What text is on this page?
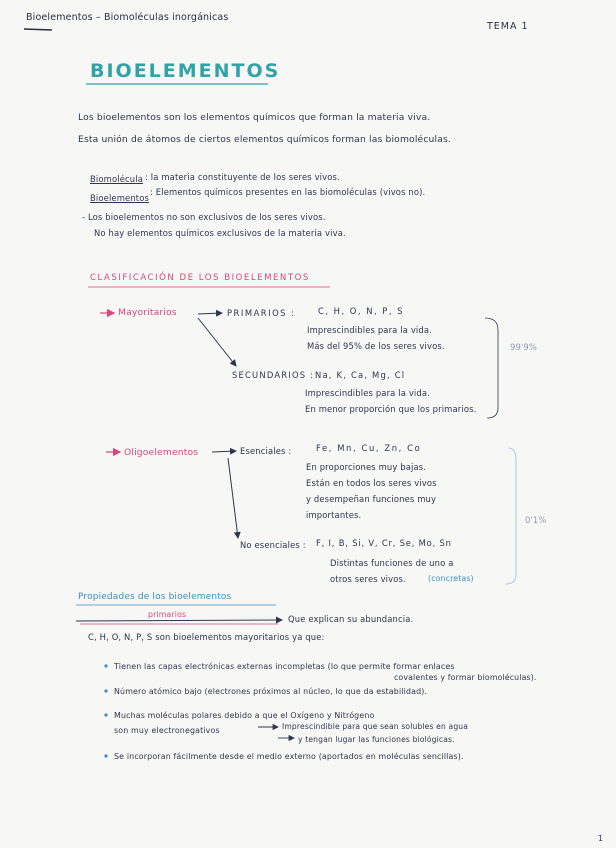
Bioelementos – Biomoléculas inorgánicas
TEMA 1
BIOELEMENTOS
Los bioelementos son los elementos químicos que forman la materia viva.
Esta unión de átomos de ciertos elementos químicos forman las biomoléculas.
Biomolécula : la materia constituyente de los seres vivos.
Bioelementos
: Elementos químicos presentes en las biomoléculas (vivos no).
- Los bioelementos no son exclusivos de los seres vivos.
No hay elementos químicos exclusivos de la materia viva.
CLASIFICACIÓN DE LOS BIOELEMENTOS
Mayoritarios	PRIMARIOS :	C, H, O, N, P, S
Imprescindibles para la vida.
Más del 95% de los seres vivos.	99'9%
SECUNDARIOS : Na, K, Ca, Mg, Cl
Imprescindibles para la vida.
En menor proporción que los primarios.
Oligoelementos	Esenciales :	Fe, Mn, Cu, Zn, Co
En proporciones muy bajas.
Están en todos los seres vivos
y desempeñan funciones muy
importantes.	0'1%
No esenciales : F, I, B, Si, V, Cr, Se, Mo, Sn
Distintas funciones de uno a
otros seres vivos.	(concretas)
Propiedades de los bioelementos
primarios	Que explican su abundancia.
C, H, O, N, P, S son bioelementos mayoritarios ya que:
Tienen las capas electrónicas externas incompletas (lo que permite formar enlaces
covalentes y formar biomoléculas).
Número atómico bajo (electrones próximos al núcleo, lo que da estabilidad).
Muchas moléculas polares debido a que el Oxígeno y Nitrógeno
son muy electronegativos	Imprescindible para que sean solubles en agua
y tengan lugar las funciones biológicas.
Se incorporan fácilmente desde el medio externo (aportados en moléculas sencillas).
1
